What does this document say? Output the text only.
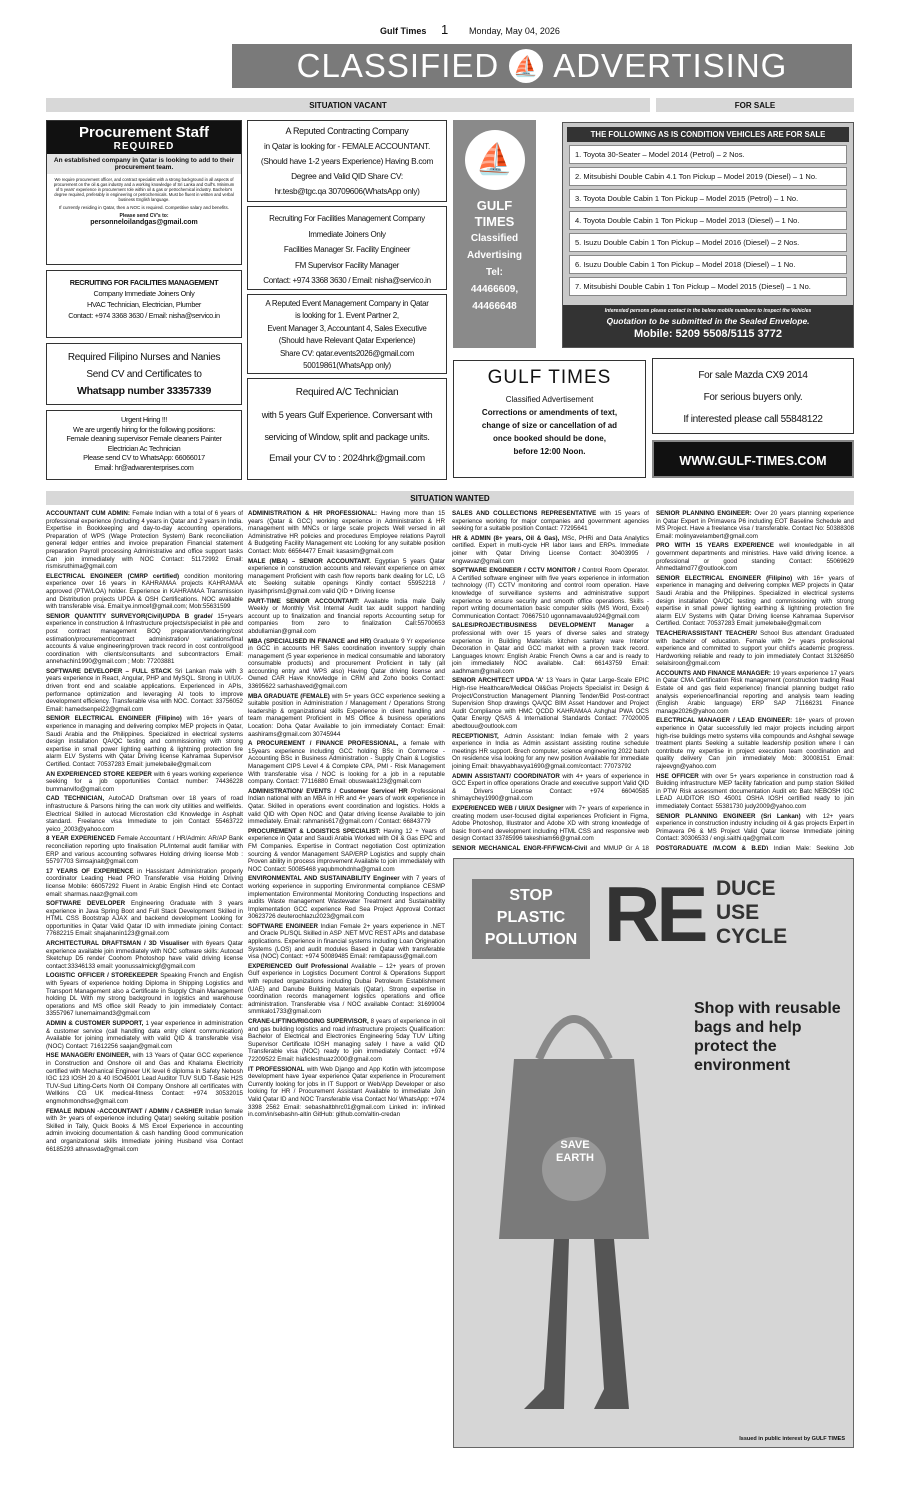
Gulf Times 1 Monday, May 04, 2026
CLASSIFIED ⛵ ADVERTISING
SITUATION VACANT	FOR SALE
Procurement Staff
REQUIRED
An established company in Qatar is looking to add to their procurement team.
We require procurement officer, and contract specialist with a strong background in all aspects of procurement on the oil & gas industry and a working knowledge of Sri Lanka and Gulf's. Minimum of 5 years' experience in procurement role within oil & gas or petrochemical industry. Bachelor's degree required, preferably in engineering or petrochemicals. Must be fluent in written and verbal business English language.
If currently residing in Qatar, then a NOC is required. Competitive salary and benefits.
Please send CV's to:
personneloilandgas@gmail.com
RECRUITING FOR FACILITIES MANAGEMENT
Company Immediate Joiners Only
HVAC Technician, Electrician, Plumber
Contact: +974 3368 3630 / Email: nisha@servico.in
Required Filipino Nurses and Nanies
Send CV and Certificates to
Whatsapp number 33357339
Urgent Hiring !!!
We are urgently hiring for the following positions:
Female cleaning supervisor Female cleaners Painter
Electrician Ac Technician
Please send CV to WhatsApp: 66066017
Email: hr@adwarenterprises.com
A Reputed Contracting Company
in Qatar is looking for - FEMALE ACCOUNTANT.
(Should have 1-2 years Experience) Having B.com
Degree and Valid QID Share CV:
hr.tesb@tgc.qa 30709606(WhatsApp only)
Recruiting For Facilities Management Company
Immediate Joiners Only
Facilities Manager Sr. Facility Engineer
FM Supervisor Facility Manager
Contact: +974 3368 3630 / Email: nisha@servico.in
A Reputed Event Management Company in Qatar
is looking for 1. Event Partner 2,
Event Manager 3, Accountant 4, Sales Executive
(Should have Relevant Qatar Experience)
Share CV: qatar.events2026@gmail.com
50019861(WhatsApp only)
Required A/C Technician
with 5 years Gulf Experience. Conversant with
servicing of Window, split and package units.
Email your CV to : 2024hrk@gmail.com
⛵
GULF
TIMES
Classified
Advertising
Tel:
44466609,
44466648
GULF TIMES
Classified Advertisement
Corrections or amendments of text,
change of size or cancellation of ad
once booked should be done,
before 12:00 Noon.
THE FOLLOWING AS IS CONDITION VEHICLES ARE FOR SALE
1. Toyota 30-Seater – Model 2014 (Petrol) – 2 Nos.
2. Mitsubishi Double Cabin 4.1 Ton Pickup – Model 2019 (Diesel) – 1 No.
3. Toyota Double Cabin 1 Ton Pickup – Model 2015 (Petrol) – 1 No.
4. Toyota Double Cabin 1 Ton Pickup – Model 2013 (Diesel) – 1 No.
5. Isuzu Double Cabin 1 Ton Pickup – Model 2016 (Diesel) – 2 Nos.
6. Isuzu Double Cabin 1 Ton Pickup – Model 2018 (Diesel) – 1 No.
7. Mitsubishi Double Cabin 1 Ton Pickup – Model 2015 (Diesel) – 1 No.
Interested persons please contact in the below mobile numbers to inspect the Vehicles
Quotation to be submitted in the Sealed Envelope.
Mobile: 5209 5508/5115 3772
For sale Mazda CX9 2014
For serious buyers only.
If interested please call 55848122
WWW.GULF-TIMES.COM
SITUATION WANTED

ACCOUNTANT CUM ADMIN: Female Indian with a total of 6 years of professional experience (including 4 years in Qatar and 2 years in India. Expertise in Bookkeeping and day-to-day accounting operations, Preparation of WPS (Wage Protection System) Bank reconciliation general ledger entries and invoice preparation Financial statement preparation Payroll processing Administrative and office support tasks Can join immediately with NOC Contact: 51172992 Email: rismisruthima@gmail.com

ELECTRICAL ENGINEER (CMRP certified) condition monitoring experience over 16 years in KAHRAMAA projects KAHRAMAA approved (PTW/LOA) holder. Experience in KAHRAMAA Transmission and Distribution projects UPDA & OSH Certifications. NOC available with transferable visa. Email:ye.inmcef@gmail.com; Mob:55631599

SENIOR QUANTITY SURVEYOR(Civil)UPDA B grade/ 15+years experience in construction & Infrastructure projects/specialist in pile and post contract management BOQ preparation/tendering/cost estimation/procurement/contract administration/ variations/final accounts & value engineering/proven track record in cost control/good coordination with clients/consultants and subcontractors Email: annehachin1990@gmail.com ; Mob: 77203881

SOFTWARE DEVELOPER – FULL STACK Sri Lankan male with 3 years experience in React, Angular, PHP and MySQL. Strong in UI/UX-driven front end and scalable applications. Experienced in APIs, performance optimization and leveraging AI tools to improve development efficiency. Transferable visa with NOC. Contact: 33756052 Email: hamedsenpei22@gmail.com

SENIOR ELECTRICAL ENGINEER (Filipino) with 16+ years of experience in managing and delivering complex MEP projects in Qatar, Saudi Arabia and the Philippines. Specialized in electrical systems design installation QA/QC testing and commissioning with strong expertise in small power lighting earthing & lightning protection fire alarm ELV Systems with Qatar Driving license Kahramaa Supervisor Certified. Contact: 70537283 Email: jumelebaile@gmail.com

AN EXPERIENCED STORE KEEPER with 6 years working experience seeking for a job opportunities Contact number: 74436228 bummanvifo@gmail.com

CAD TECHNICIAN, AutoCAD Draftsman over 18 years of road infrastructure & Parsons hiring the can work city utilities and wellfields. Electrical Skilled in autocad Microstation c3d Knowledge in Asphalt standard. Freelance visa Immediate to join Contact 55463722 yeico_2003@yahoo.com

8 YEAR EXPERIENCED Female Accountant / HR/Admin: AR/AP Bank reconciliation reporting upto finalisation PL/Internal audit familiar with ERP and various accounting softwares Holding driving license Mob : 55797703 Simsajnait@gmail.com

17 YEARS OF EXPERIENCE in Hassistant Administration properly coordinator Leading Head PRO Transferable visa Holding Driving license Mobile: 66057292 Fluent in Arabic English Hindi etc Contact email: sharmas.naaz@gmail.com

SOFTWARE DEVELOPER Engineering Graduate with 3 years experience in Java Spring Boot and Full Stack Development Skilled in HTML CSS Bootstrap AJAX and backend development Looking for opportunities in Qatar Valid Qatar ID with immediate joining Contact: 77682215 Email: shajahanin123@gmail.com

ARCHITECTURAL DRAFTSMAN / 3D Visualiser with 6years Qatar experience available join immediately with NOC software skills: Autocad Sketchup D5 render Coohom Photoshop have valid driving license contact:33346133 email: yoonussalmickgf@gmail.com

LOGISTIC OFFICER / STOREKEEPER Speaking French and English with 5years of experience holding Diploma in Shipping Logistics and Transport Management also a Certificate in Supply Chain Management holding DL With my strong background in logistics and warehouse operations and MS office skill Ready to join immediately Contact: 33557967 lunemaimand3@gmail.com

ADMIN & CUSTOMER SUPPORT, 1 year experience in administration & customer service (call handling data entry client communication) Available for joining immediately with valid QID & transferable visa (NOC) Contact: 71612256 saajan@gmail.com

HSE MANAGER/ ENGINEER, with 13 Years of Qatar GCC experience in Construction and Onshore oil and Gas and Khalama Electricity certified with Mechanical Engineer UK level 6 diploma in Safety Nebosh IGC 123 IOSH 20 & 40 ISO45001 Lead Auditor TUV SUD T-Basic H2S TUV-Sud Lifting-Certs North Oil Company Onshore all certificates with Wellkins CG UK medical-fitness Contact: +974 30532015 engmohmondhse@gmail.com

FEMALE INDIAN -ACCOUNTANT / ADMIN / CASHIER Indian female with 3+ years of experience including Qatar) seeking suitable position Skilled in Tally, Quick Books & MS Excel Experience in accounting admin invoicing documentation & cash handling Good communication and organizational skills Immediate joining Husband visa Contact 66185293 athnasvda@gmail.com

ADMINISTRATION & HR PROFESSIONAL: Having more than 15 years (Qatar & GCC) working experience in Administration & HR management with MNCs or large scale projects Well versed in all Administrative HR policies and procedures Employee relations Payroll & Budgeting Facility Management etc Looking for any suitable position Contact: Mob: 66564477 Email: kasasim@gmail.com

MALE (MBA) – SENIOR ACCOUNTANT. Egyptian 5 years Qatar experience in construction accounts and relevant experience on amex management Proficient with cash flow reports bank dealing for LC, LG etc Seeking suitable openings Kindly contact 55952218 / ityasirhprism1@gmail.com valid QID + Driving license

PART-TIME SENIOR ACCOUNTANT: Available India male Daily Weekly or Monthly Visit Internal Audit tax audit support handling account up to finalization and financial reports Accounting setup for companies from zero to finalization Call:55700653 abdullamian@gmail.com

MBA (SPECIALISED IN FINANCE and HR) Graduate 9 Yr experience in GCC in accounts HR Sales coordination inventory supply chain management (5 year experience in medical consumable and laboratory consumable products) and procurement Proficient in tally (all accounting entry and WPS also) Having Qatar driving license and Owned CAR Have Knowledge in CRM and Zoho books Contact: 33695622 sarhashaved@gmail.com

MBA GRADUATE (FEMALE) with 5+ years GCC experience seeking a suitable position in Administration / Management / Operations Strong leadership & organizational skills Experience in client handling and team management Proficient in MS Office & business operations Location: Doha Qatar Available to join immediately Contact: Email: aashirams@gmail.com 30745944

A PROCUREMENT / FINANCE PROFESSIONAL, a female with 15years experience including GCC holding BSc in Commerce - Accounting BSc in Business Administration - Supply Chain & Logistics Management CIPS Level 4 & Complete CPA, PMI - Risk Management With transferable visa / NOC is looking for a job in a reputable company. Contact: 77116880 Email: obuswaak123@gmail.com

ADMINISTRATION/ EVENTS / Customer Service/ HR Professional Indian national with an MBA in HR and 4+ years of work experience in Qatar. Skilled in operations event coordination and logistics. Holds a valid QID with Open NOC and Qatar driving license Available to join immediately. Email: rahmanis617@gmail.com / Contact: 66843779

PROCUREMENT & LOGISTICS SPECIALIST: Having 12 + Years of experience in Qatar and Saudi Arabia Worked with Oil & Gas EPC and FM Companies. Expertise in Contract negotiation Cost optimization sourcing & vendor Management SAP/ERP Logistics and supply chain Proven ability in process improvement Available to join immediately with NOC Contact: 50085468 yaqubmohdnha@gmail.com

ENVIRONMENTAL AND SUSTAINABILITY Engineer with 7 years of working experience in supporting Environmental compliance CESMP implementation Environmental Monitoring Conducting Inspections and audits Waste management Wastewater Treatment and Sustainability Implementation GCC experience Red Sea Project Approval Contact 30623726 deuterochlazu2023@gmail.com

SOFTWARE ENGINEER Indian Female 2+ years experience in .NET and Oracle PL/SQL Skilled in ASP .NET MVC REST APIs and database applications. Experience in financial systems including Loan Origination Systems (LOS) and audit modules Based in Qatar with transferable visa (NOC) Contact: +974 50089485 Email: remitapauss@gmail.com

EXPERIENCED Gulf Professional Available – 12+ years of proven Gulf experience in Logistics Document Control & Operations Support with reputed organizations including Dubai Petroleum Establishment (UAE) and Danube Building Materials (Qatar). Strong expertise in coordination records management logistics operations and office administration. Transferable visa / NOC available Contact: 31699004 smmkalo1733@gmail.com

CRANE-LIFTING/RIGGING SUPERVISOR, 8 years of experience in oil and gas building logistics and road infrastructure projects Qualification: Bachelor of Electrical and Electronics Engineering 5day TUV Lifting Supervisor Certificate IOSH managing safely I have a valid QID Transferable visa (NOC) ready to join immediately Contact: +974 72209522 Email: hiaficlesthuaz2000@gmail.com

IT PROFESSIONAL with Web Django and App Kotlin with jetcompose development have 1year experience Qatar experience in Procurement Currently looking for jobs in IT Support or Web/App Developer or also looking for HR / Procurement Assistant Available to immediate Join Valid Qatar ID and NOC Transferable visa Contact No/ WhatsApp: +974 3398 2562 Email: sebashaltbhrc01@gmail.com Linked in: in/linked in.com/in/sebashn-altin GitHub: github.com/altin-credan

SALES AND COLLECTIONS REPRESENTATIVE with 15 years of experience working for major companies and government agencies seeking for a suitable position Contact: 77295641

HR & ADMIN (8+ years, Oil & Gas), MSc, PHRi and Data Analytics certified. Expert in multi-cycle HR labor laws and ERPs. Immediate joiner with Qatar Driving License Contact: 30403995 / engwavaz@gmail.com

SOFTWARE ENGINEER / CCTV MONITOR / Control Room Operator. A Certified software engineer with five years experience in information technology (IT) CCTV monitoring and control room operation. Have knowledge of surveillance systems and administrative support experience to ensure security and smooth office operations. Skills - report writing documentation basic computer skills (MS Word, Excel) Communication Contact: 70667510 ugonnamavaalu924@gmail.com

SALES/PROJECT/BUSINESS DEVELOPMENT Manager a professional with over 15 years of diverse sales and strategy experience in Building Materials kitchen sanitary ware Interior Decoration in Qatar and GCC market with a proven track record. Languages known: English Arabic French Owns a car and is ready to join immediately NOC available. Call: 66143759 Email: aadhmam@gmail.com

SENIOR ARCHITECT UPDA 'A' 13 Years in Qatar Large-Scale EPIC High-rise Healthcare/Medical Oil&Gas Projects Specialist in: Design & Project/Construction Management Planning Tender/Bid Post-contract Supervision Shop drawings QA/QC BIM Asset Handover and Project Audit Compliance with HMC QCDD KAHRAMAA Ashghal PWA OCS Qatar Energy QSAS & International Standards Contact: 77020005 abedtouu@outlook.com

RECEPTIONIST, Admin Assistant: Indian female with 2 years experience in India as Admin assistant assisting routine schedule meetings HR support. Brech computer, science engineering 2022 batch On residence visa looking for any new position Available for immediate joining Email: bhavyabhavya1690@gmail.com/contact: 77073792

ADMIN ASSISTANT/ COORDINATOR with 4+ years of experience in GCC Expert in office operations Oracle and executive support Valid QID & Drivers License Contact: +974 66040585 shimaychey1990@gmail.com

EXPERIENCED WEB / UI/UX Designer with 7+ years of experience in creating modern user-focused digital experiences Proficient in Figma, Adobe Photoshop, Illustrator and Adobe XD with strong knowledge of basic front-end development including HTML CSS and responsive web design Contact 33785996 takeshiam66@gmail.com

SENIOR MECHANICAL ENGR-FF/FWCM-Civil and MMUP Gr A 18

SENIOR PLANNING ENGINEER: Over 20 years planning experience in Qatar Expert in Primavera P6 including EOT Baseline Schedule and MS Project. Have a freelance visa / transferable. Contact No: 50388308 Email: molinyavelambert@gmail.com

PRO WITH 15 YEARS EXPERIENCE well knowledgable in all government departments and ministries. Have valid driving licence. a professional or good standing Contact: 55069629 Ahmedtalmd77@outlook.com

SENIOR ELECTRICAL ENGINEER (Filipino) with 16+ years of experience in managing and delivering complex MEP projects in Qatar Saudi Arabia and the Philippines. Specialized in electrical systems design installation QA/QC testing and commissioning with strong expertise in small power lighting earthing & lightning protection fire alarm ELV Systems with Qatar Driving license Kahramaa Supervisor Certified. Contact: 70537283 Email: jumelebaile@gmail.com

TEACHER/ASSISTANT TEACHER/ School Bus attendant Graduated with bachelor of education. Female with 2+ years professional experience and committed to support your child's academic progress. Hardworking reliable and ready to join immediately Contact 31326850 selalsiroon@gmail.com

ACCOUNTS AND FINANCE MANAGER: 19 years experience 17 years in Qatar CMA Certification Risk management (construction trading Real Estate oil and gas field experience) financial planning budget ratio analysis experience/financial reporting and analysis team leading (English Arabic language) ERP SAP 71166231 Finance manage2026@yahoo.com

ELECTRICAL MANAGER / LEAD ENGINEER: 18+ years of proven experience in Qatar successfully led major projects including airport high-rise buildings metro systems villa compounds and Ashghal sewage treatment plants Seeking a suitable leadership position where I can contribute my expertise in project execution team coordination and quality delivery Can join immediately Mob: 30008151 Email: rajeevgn@yahoo.com

HSE OFFICER with over 5+ years experience in construction road & Building infrastructure MEP facility fabrication and pump station Skilled in PTW Risk assessment documentation Audit etc Batc NEBOSH IGC LEAD AUDITOR ISO 45001 OSHA IOSH certified ready to join immediately Contact: 55381730 judy2009@yahoo.com

SENIOR PLANNING ENGINEER (Sri Lankan) with 12+ years experience in construction industry including oil & gas projects Expert in Primavera P6 & MS Project Valid Qatar license Immediate joining Contact: 30306533 / engi.saithi.qa@gmail.com

POSTGRADUATE (M.COM & B.ED) Indian Male: Seeking Job

STOP
PLASTIC
POLLUTION RE DUCE
USE
CYCLE
SAVE
EARTH
Shop with reusable bags and help protect the environment
Issued in public interest by GULF TIMES
